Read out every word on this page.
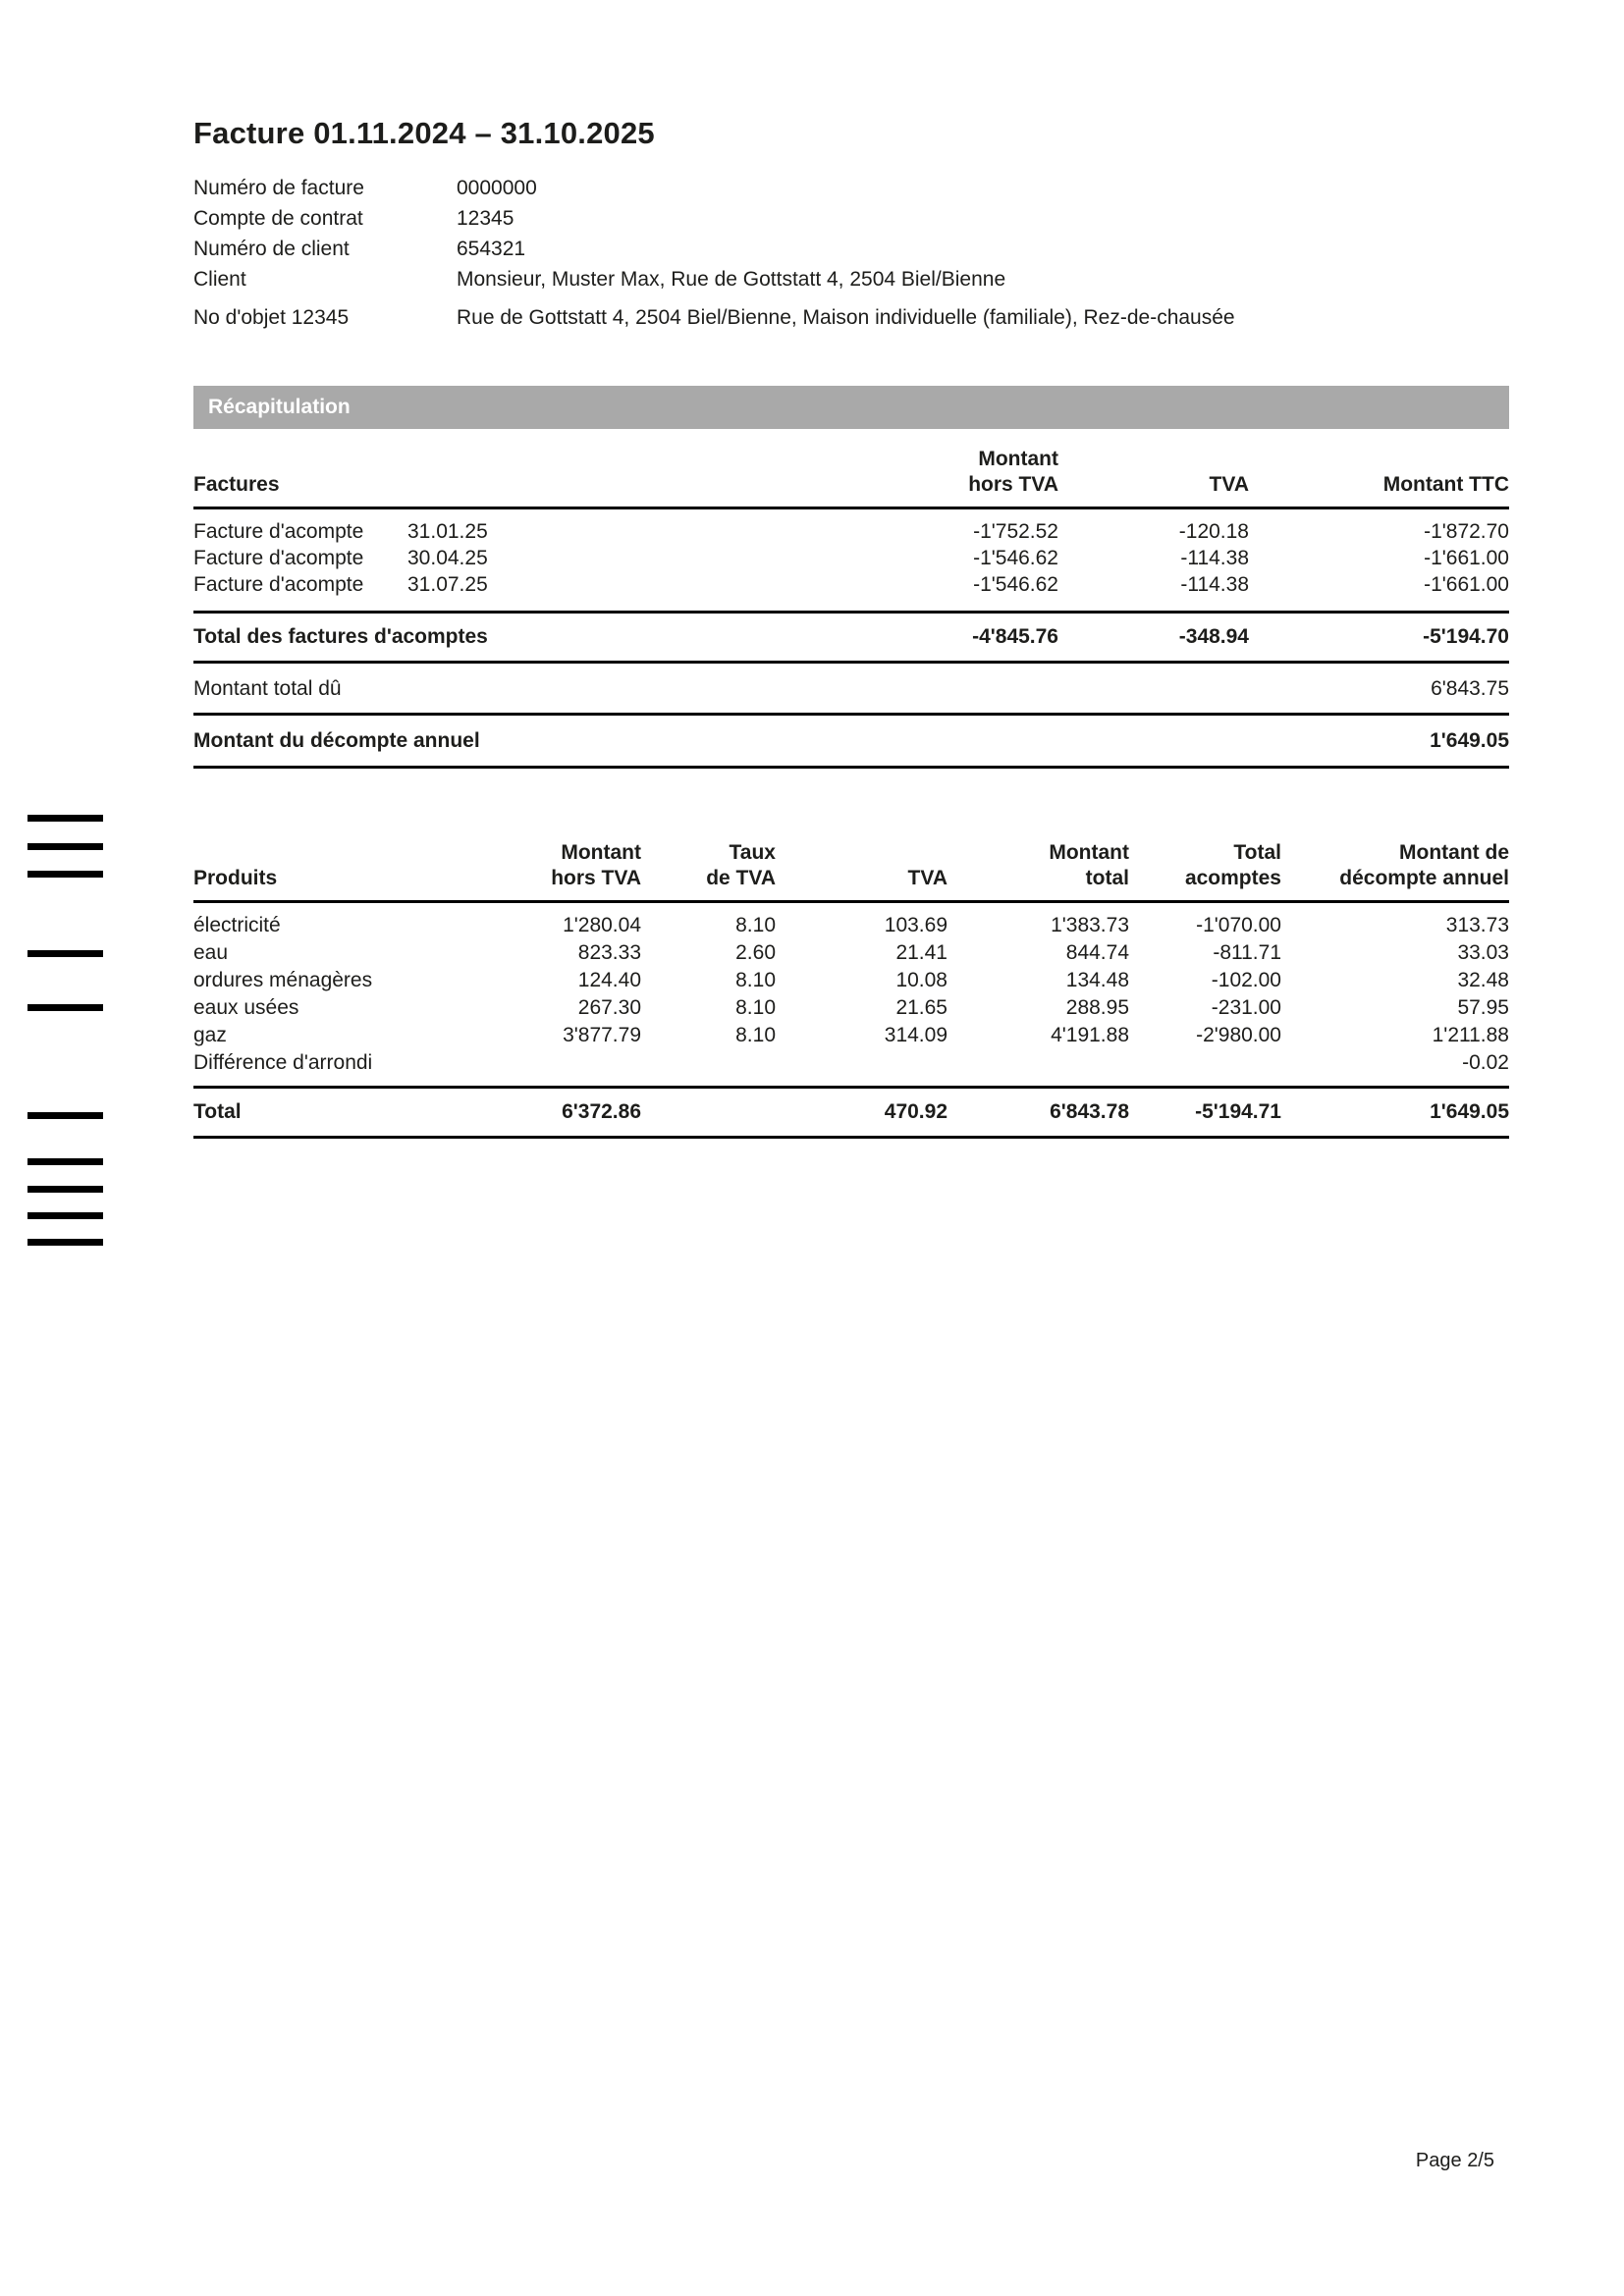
Facture 01.11.2024 – 31.10.2025
Numéro de facture	0000000
Compte de contrat	12345
Numéro de client	654321
Client	Monsieur, Muster Max, Rue de Gottstatt 4, 2504 Biel/Bienne
No d'objet 12345	Rue de Gottstatt 4, 2504 Biel/Bienne, Maison individuelle (familiale), Rez-de-chausée
Récapitulation
	Montant		
Factures	hors TVA	TVA	Montant TTC
Facture d'acompte 31.01.25	-1'752.52	-120.18	-1'872.70
Facture d'acompte 30.04.25	-1'546.62	-114.38	-1'661.00
Facture d'acompte 31.07.25	-1'546.62	-114.38	-1'661.00
Total des factures d'acomptes	-4'845.76	-348.94	-5'194.70
Montant total dû			6'843.75
Montant du décompte annuel			1'649.05
	Montant	Taux		Montant	Total	Montant de
Produits	hors TVA	de TVA	TVA	total	acomptes	décompte annuel
électricité	1'280.04	8.10	103.69	1'383.73	-1'070.00	313.73
eau	823.33	2.60	21.41	844.74	-811.71	33.03
ordures ménagères	124.40	8.10	10.08	134.48	-102.00	32.48
eaux usées	267.30	8.10	21.65	288.95	-231.00	57.95
gaz	3'877.79	8.10	314.09	4'191.88	-2'980.00	1'211.88
Différence d'arrondi						-0.02
Total	6'372.86		470.92	6'843.78	-5'194.71	1'649.05
Page 2/5
